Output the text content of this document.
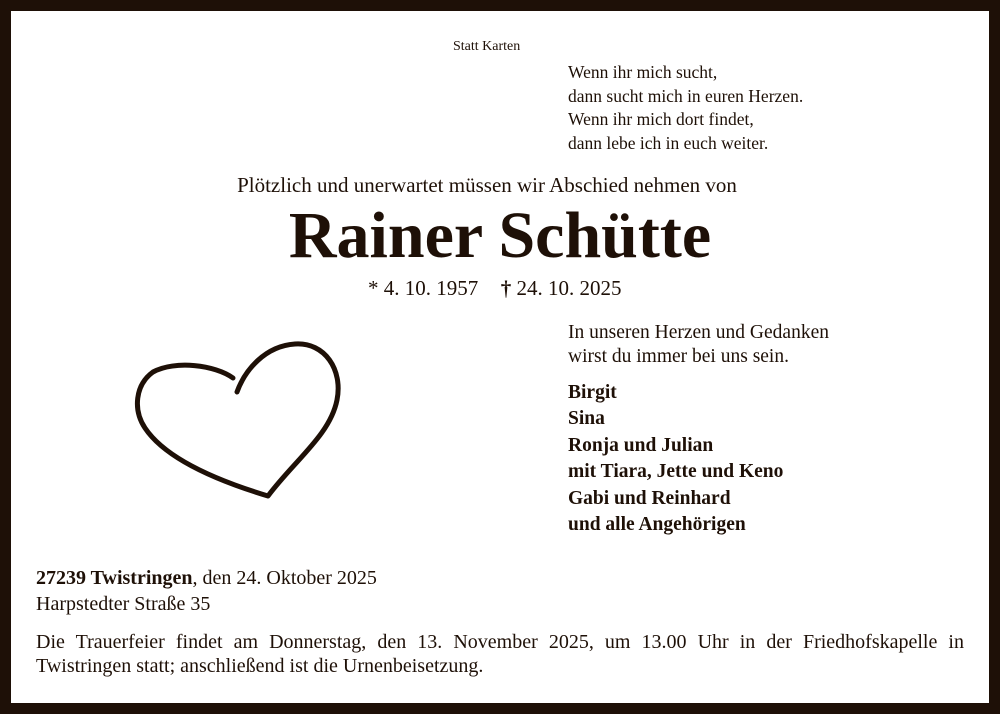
Statt Karten
Wenn ihr mich sucht,
dann sucht mich in euren Herzen.
Wenn ihr mich dort findet,
dann lebe ich in euch weiter.
Plötzlich und unerwartet müssen wir Abschied nehmen von
Rainer Schütte
* 4. 10. 1957 † 24. 10. 2025
In unseren Herzen und Gedanken
wirst du immer bei uns sein.
Birgit
Sina
Ronja und Julian
mit Tiara, Jette und Keno
Gabi und Reinhard
und alle Angehörigen
27239 Twistringen, den 24. Oktober 2025
Harpstedter Straße 35
Die Trauerfeier findet am Donnerstag, den 13. November 2025, um 13.00 Uhr in der Friedhofskapelle in Twistringen statt; anschließend ist die Urnenbeisetzung.
